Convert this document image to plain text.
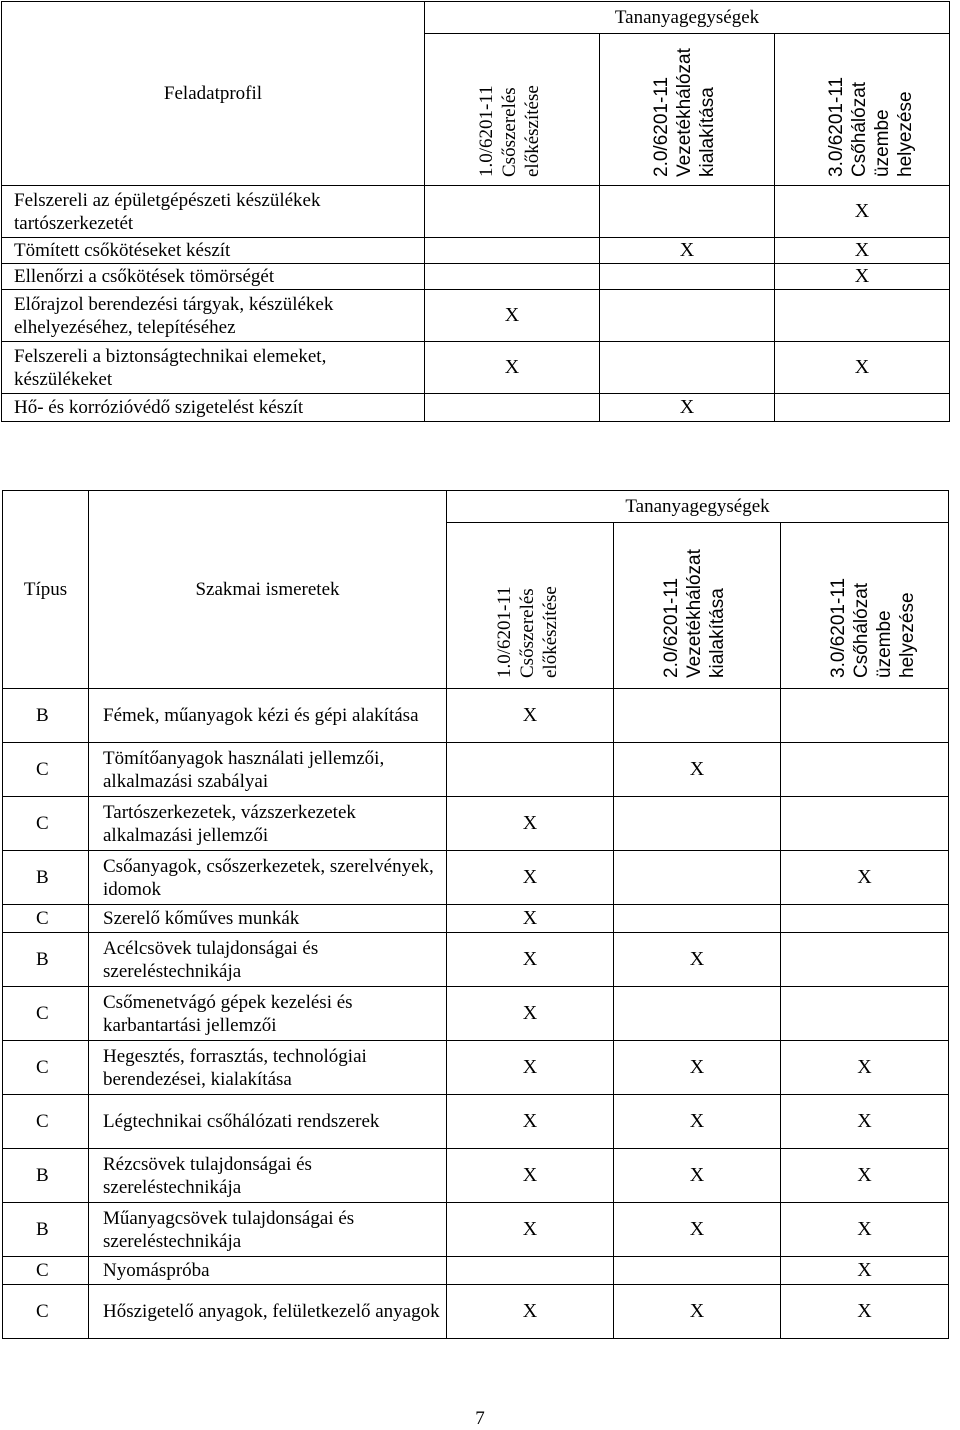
Feladatprofil	Tananyagegységek		
	1.0/6201-11 Csőszerelés előkészítése	2.0/6201-11 Vezetékhálózat kialakítása	3.0/6201-11 Csőhálózat üzembe helyezése
Felszereli az épületgépészeti készülékek tartószerkezetét			X
Tömített csőkötéseket készít		X	X
Ellenőrzi a csőkötések tömörségét			X
Előrajzol berendezési tárgyak, készülékek elhelyezéséhez, telepítéséhez	X		
Felszereli a biztonságtechnikai elemeket, készülékeket	X		X
Hő- és korrózióvédő szigetelést készít		X	
Típus	Szakmai ismeretek	Tananyagegységek		
		1.0/6201-11 Csőszerelés előkészítése	2.0/6201-11 Vezetékhálózat kialakítása	3.0/6201-11 Csőhálózat üzembe helyezése
B	Fémek, műanyagok kézi és gépi alakítása	X		
C	Tömítőanyagok használati jellemzői, alkalmazási szabályai		X	
C	Tartószerkezetek, vázszerkezetek alkalmazási jellemzői	X		
B	Csőanyagok, csőszerkezetek, szerelvények, idomok	X		X
C	Szerelő kőműves munkák	X		
B	Acélcsövek tulajdonságai és szereléstechnikája	X	X	
C	Csőmenetvágó gépek kezelési és karbantartási jellemzői	X		
C	Hegesztés, forrasztás, technológiai berendezései, kialakítása	X	X	X
C	Légtechnikai csőhálózati rendszerek	X	X	X
B	Rézcsövek tulajdonságai és szereléstechnikája	X	X	X
B	Műanyagcsövek tulajdonságai és szereléstechnikája	X	X	X
C	Nyomáspróba			X
C	Hőszigetelő anyagok, felületkezelő anyagok	X	X	X
7
